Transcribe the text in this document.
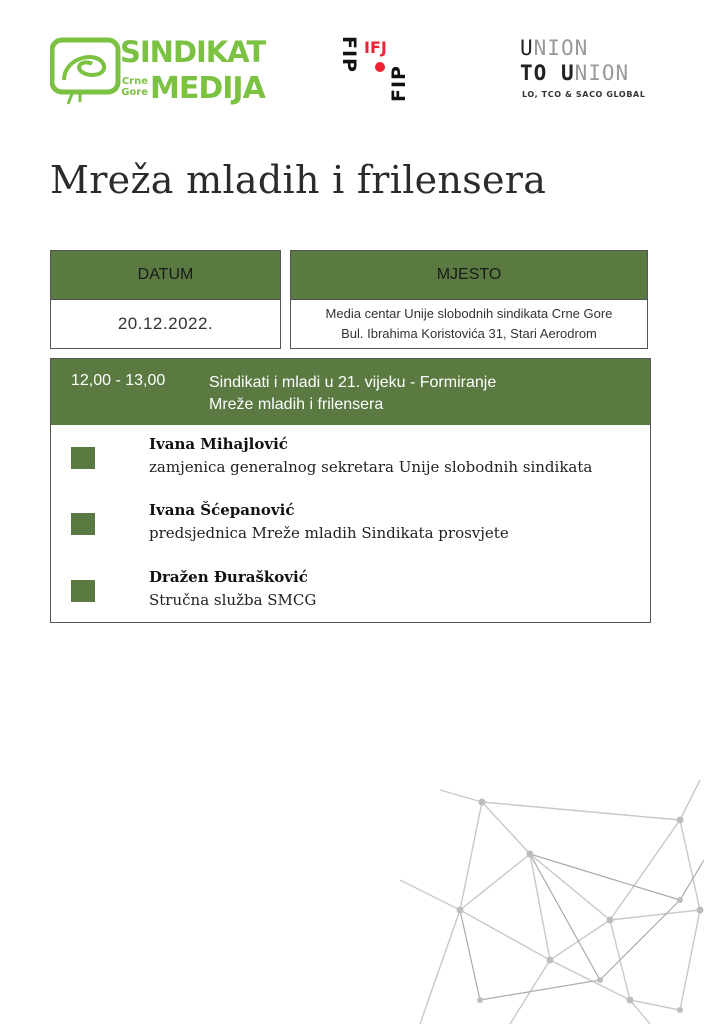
SINDIKAT
Crne
Gore MEDIJA
FIP IFJ
FIP
UNION
TO UNION
LO, TCO & SACO GLOBAL
Mreža mladih i frilensera
DATUM
20.12.2022.
MJESTO
Media centar Unije slobodnih sindikata Crne Gore
Bul. Ibrahima Koristovića 31, Stari Aerodrom
12,00 - 13,00	Sindikati i mladi u 21. vijeku - Formiranje
Mreže mladih i frilensera
Ivana Mihajlović
zamjenica generalnog sekretara Unije slobodnih sindikata
Ivana Šćepanović
predsjednica Mreže mladih Sindikata prosvjete
Dražen Đurašković
Stručna služba SMCG
